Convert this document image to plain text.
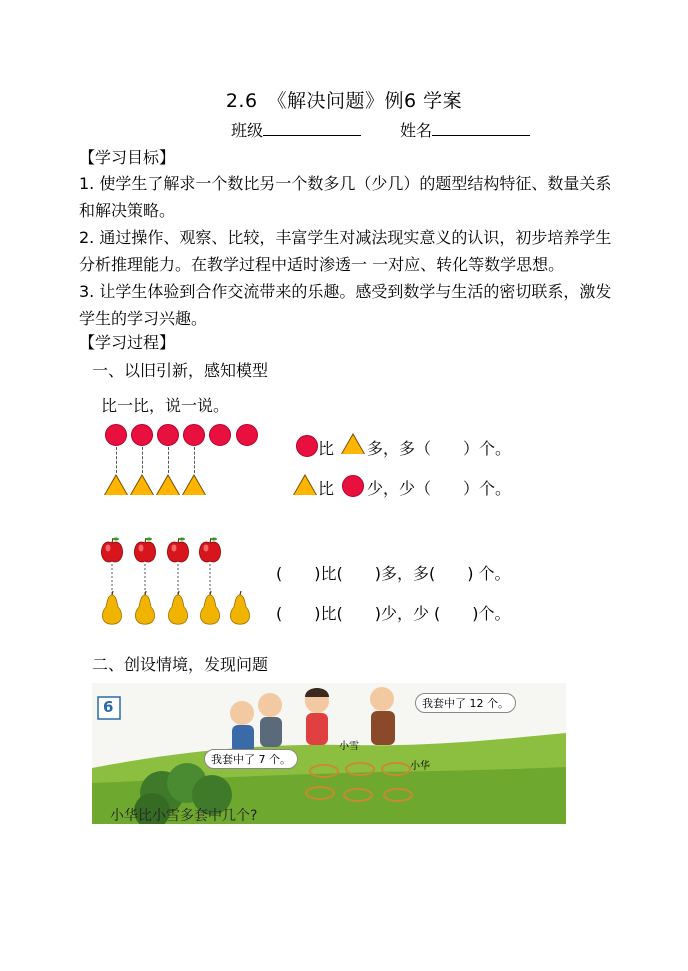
2.6　《解决问题》例6 学案
班级	姓名
【学习目标】
1. 使学生了解求一个数比另一个数多几（少几）的题型结构特征、数量关系
和解决策略。
2. 通过操作、观察、比较，丰富学生对减法现实意义的认识，初步培养学生
分析推理能力。在教学过程中适时渗透一 一对应、转化等数学思想。
3. 让学生体验到合作交流带来的乐趣。感受到数学与生活的密切联系，激发
学生的学习兴趣。
【学习过程】
一、以旧引新，感知模型
比一比，说一说。
比 多，多（　　）个。
比 少，少（　　）个。
(　　)比(　　)多，多(　　) 个。
(　　)比(　　)少，少 (　　)个。
二、创设情境，发现问题
6	我套中了 12 个。
我套中了 7 个。
小雪
小华
小华比小雪多套中几个?
